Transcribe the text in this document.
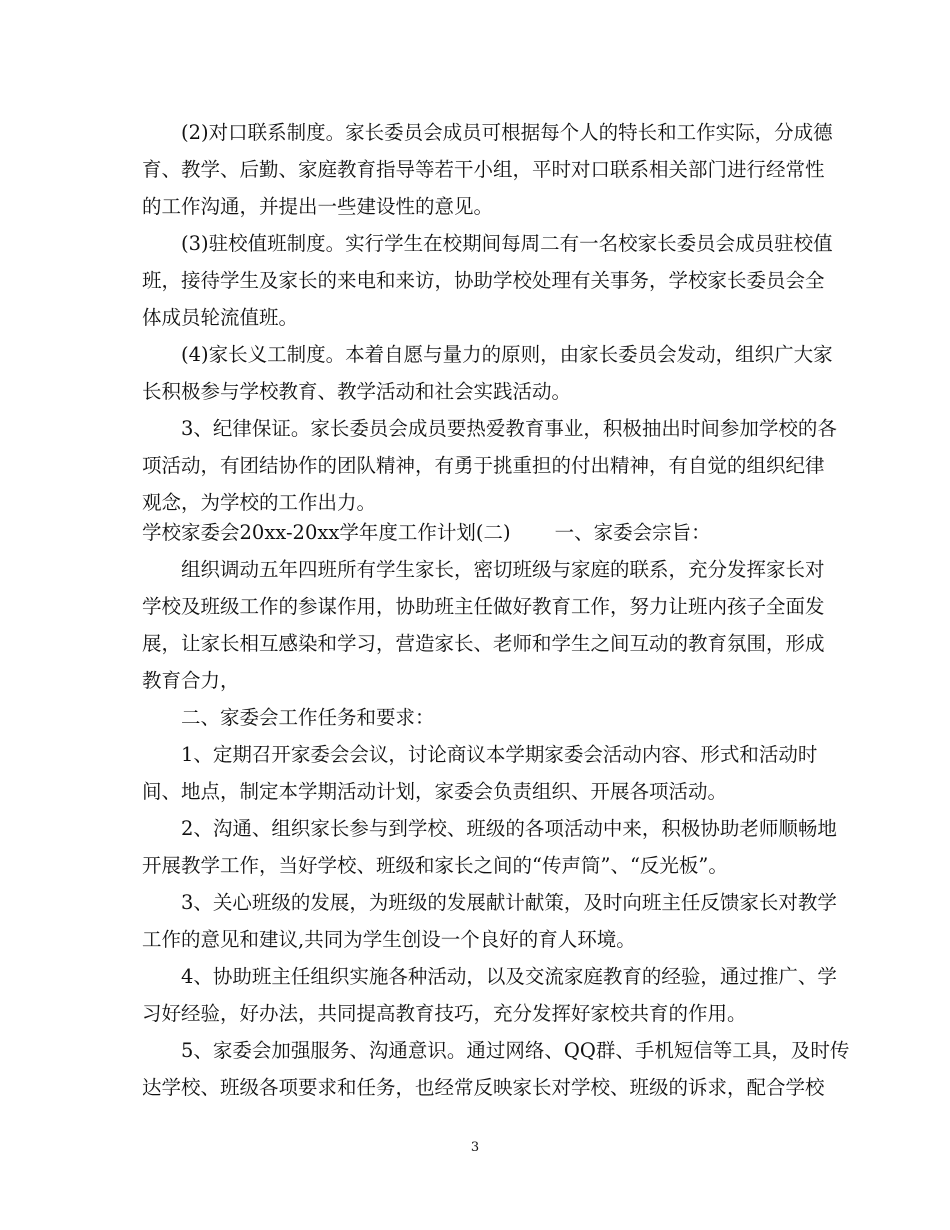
(2)对口联系制度。家长委员会成员可根据每个人的特长和工作实际，分成德
育、教学、后勤、家庭教育指导等若干小组，平时对口联系相关部门进行经常性
的工作沟通，并提出一些建设性的意见。

(3)驻校值班制度。实行学生在校期间每周二有一名校家长委员会成员驻校值
班，接待学生及家长的来电和来访，协助学校处理有关事务，学校家长委员会全
体成员轮流值班。

(4)家长义工制度。本着自愿与量力的原则，由家长委员会发动，组织广大家
长积极参与学校教育、教学活动和社会实践活动。

3、纪律保证。家长委员会成员要热爱教育事业，积极抽出时间参加学校的各
项活动，有团结协作的团队精神，有勇于挑重担的付出精神，有自觉的组织纪律
观念，为学校的工作出力。

学校家委会20xx-20xx学年度工作计划(二) 一、家委会宗旨：

组织调动五年四班所有学生家长，密切班级与家庭的联系，充分发挥家长对
学校及班级工作的参谋作用，协助班主任做好教育工作，努力让班内孩子全面发
展，让家长相互感染和学习，营造家长、老师和学生之间互动的教育氛围，形成
教育合力，

二、家委会工作任务和要求：

1、定期召开家委会会议，讨论商议本学期家委会活动内容、形式和活动时
间、地点，制定本学期活动计划，家委会负责组织、开展各项活动。

2、沟通、组织家长参与到学校、班级的各项活动中来，积极协助老师顺畅地
开展教学工作，当好学校、班级和家长之间的“传声筒”、“反光板”。

3、关心班级的发展，为班级的发展献计献策，及时向班主任反馈家长对教学
工作的意见和建议,共同为学生创设一个良好的育人环境。

4、协助班主任组织实施各种活动，以及交流家庭教育的经验，通过推广、学
习好经验，好办法，共同提高教育技巧，充分发挥好家校共育的作用。

5、家委会加强服务、沟通意识。通过网络、QQ群、手机短信等工具，及时传
达学校、班级各项要求和任务，也经常反映家长对学校、班级的诉求，配合学校

3
